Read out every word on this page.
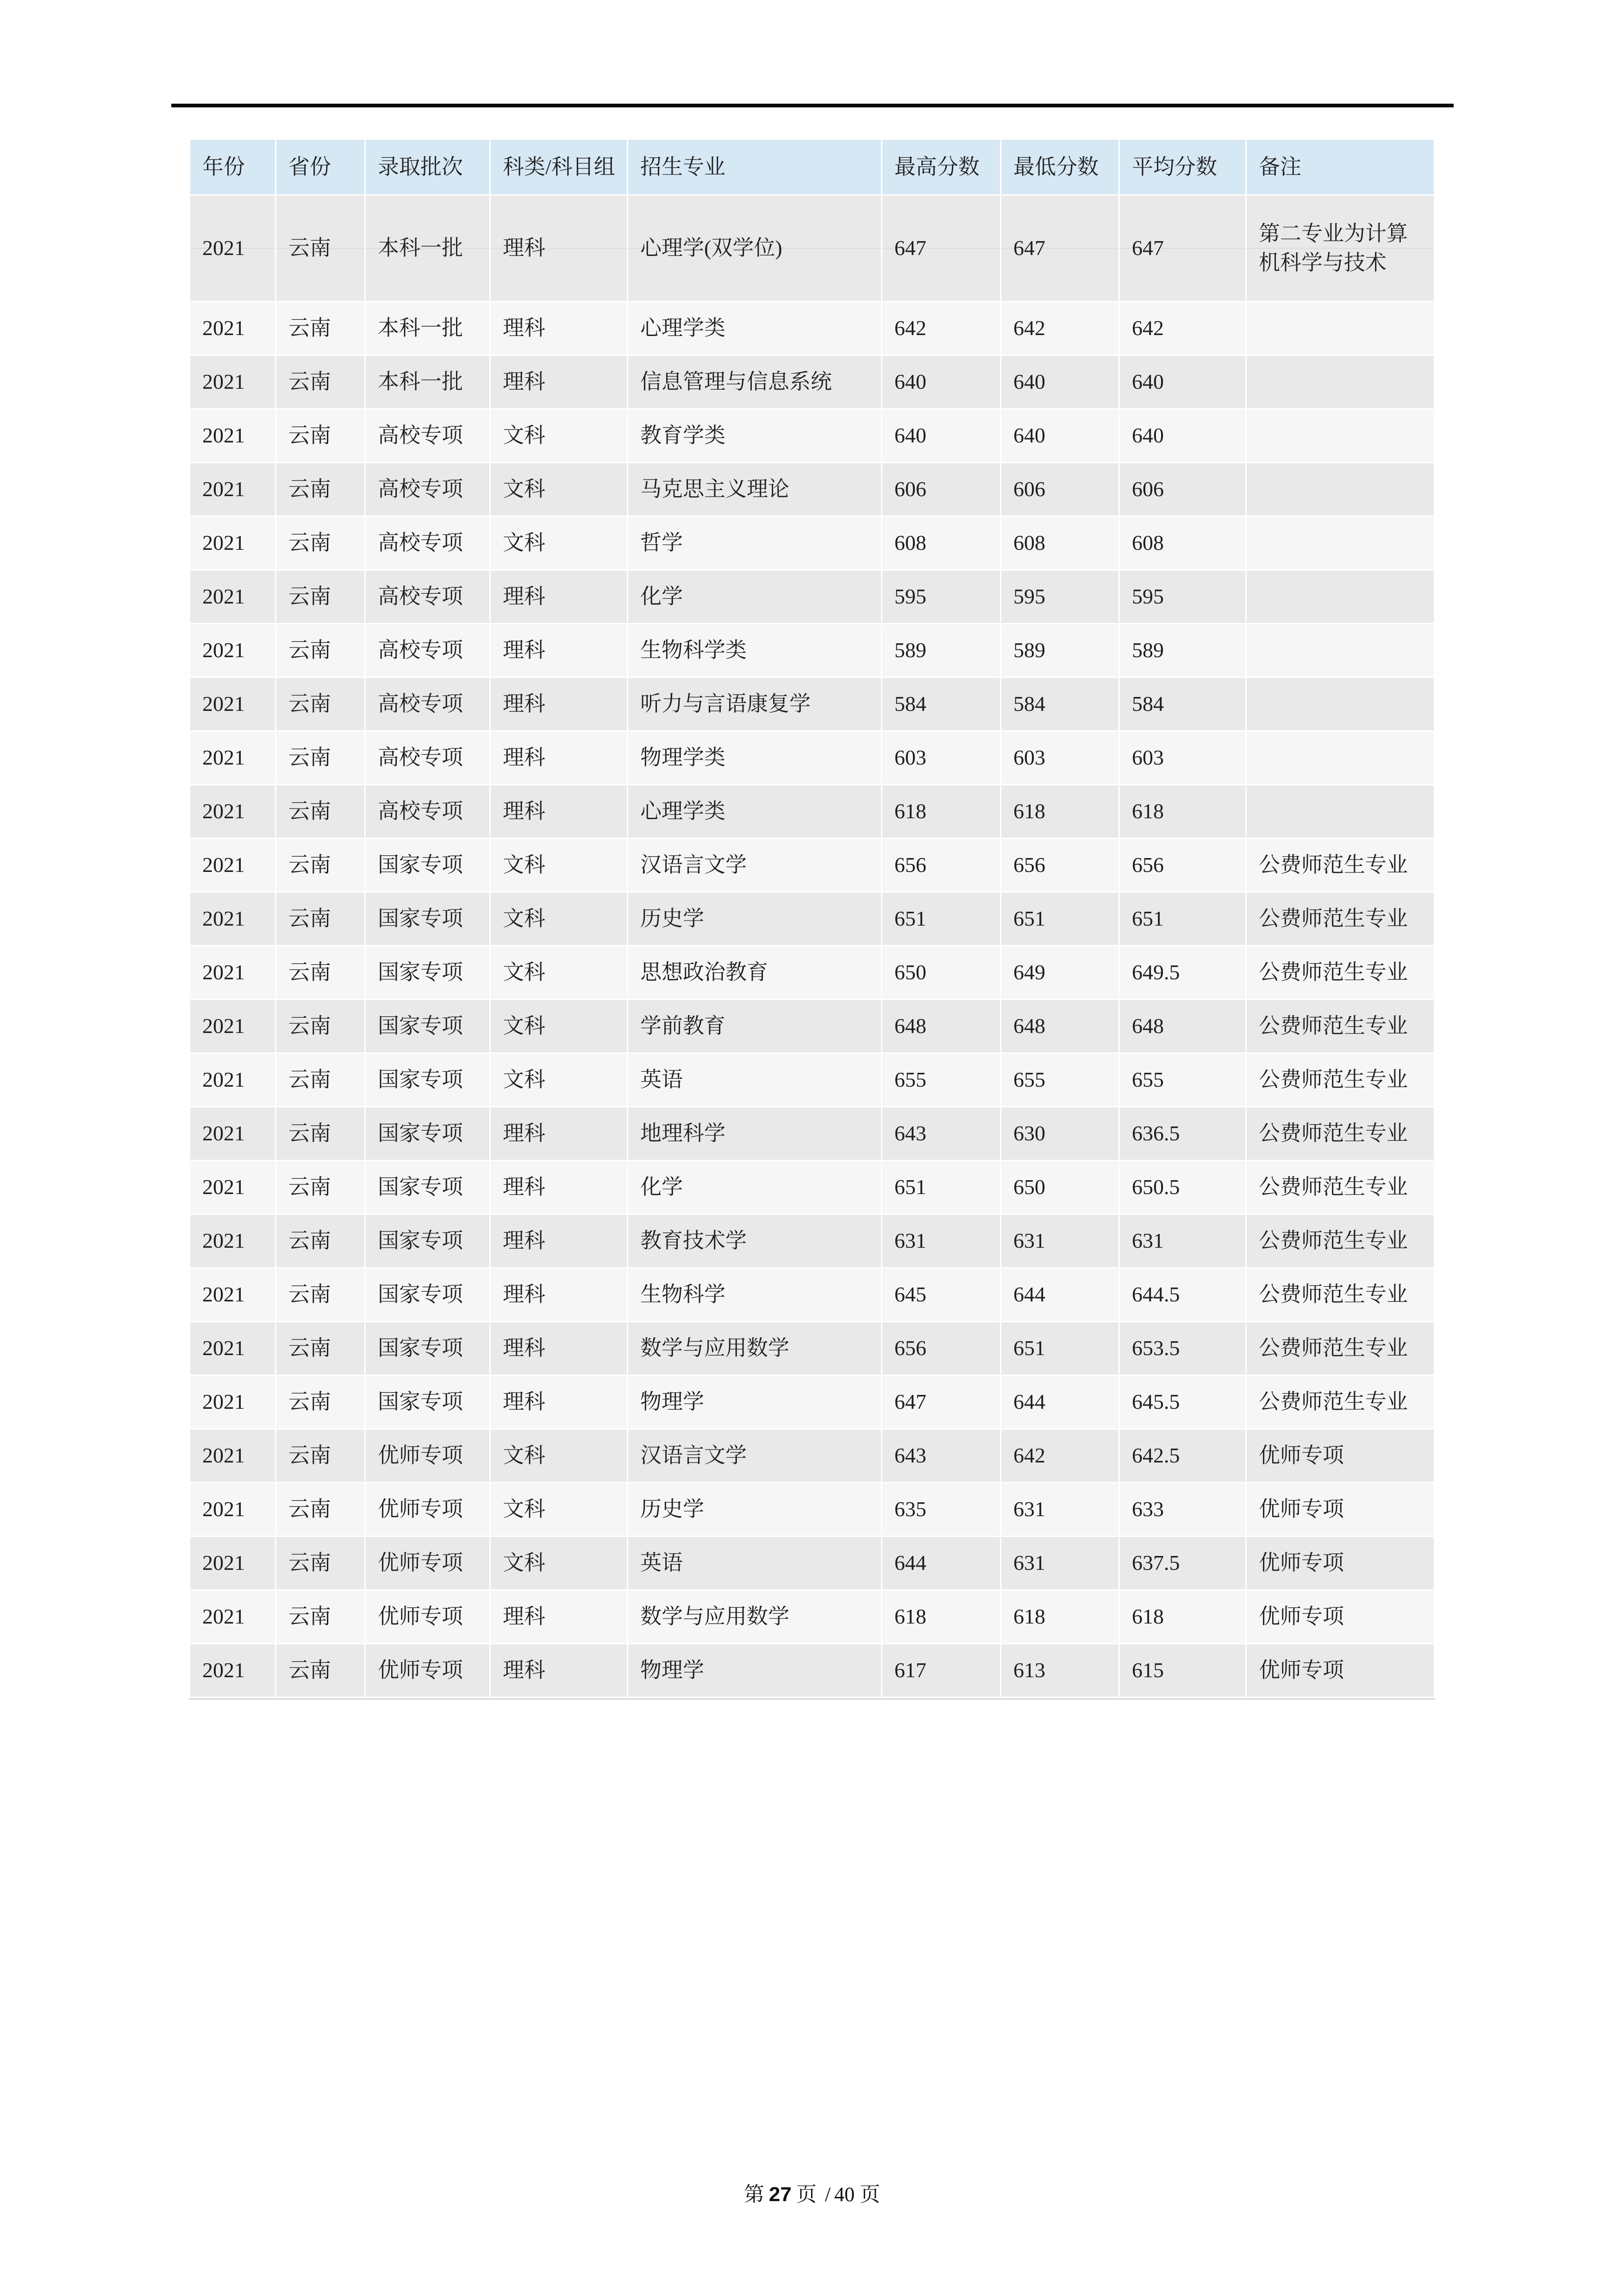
年份	省份	录取批次	科类/科目组	招生专业	最高分数	最低分数	平均分数	备注
2021	云南	本科一批	理科	心理学(双学位)	647	647	647	第二专业为计算机科学与技术
2021	云南	本科一批	理科	心理学类	642	642	642	
2021	云南	本科一批	理科	信息管理与信息系统	640	640	640	
2021	云南	高校专项	文科	教育学类	640	640	640	
2021	云南	高校专项	文科	马克思主义理论	606	606	606	
2021	云南	高校专项	文科	哲学	608	608	608	
2021	云南	高校专项	理科	化学	595	595	595	
2021	云南	高校专项	理科	生物科学类	589	589	589	
2021	云南	高校专项	理科	听力与言语康复学	584	584	584	
2021	云南	高校专项	理科	物理学类	603	603	603	
2021	云南	高校专项	理科	心理学类	618	618	618	
2021	云南	国家专项	文科	汉语言文学	656	656	656	公费师范生专业
2021	云南	国家专项	文科	历史学	651	651	651	公费师范生专业
2021	云南	国家专项	文科	思想政治教育	650	649	649.5	公费师范生专业
2021	云南	国家专项	文科	学前教育	648	648	648	公费师范生专业
2021	云南	国家专项	文科	英语	655	655	655	公费师范生专业
2021	云南	国家专项	理科	地理科学	643	630	636.5	公费师范生专业
2021	云南	国家专项	理科	化学	651	650	650.5	公费师范生专业
2021	云南	国家专项	理科	教育技术学	631	631	631	公费师范生专业
2021	云南	国家专项	理科	生物科学	645	644	644.5	公费师范生专业
2021	云南	国家专项	理科	数学与应用数学	656	651	653.5	公费师范生专业
2021	云南	国家专项	理科	物理学	647	644	645.5	公费师范生专业
2021	云南	优师专项	文科	汉语言文学	643	642	642.5	优师专项
2021	云南	优师专项	文科	历史学	635	631	633	优师专项
2021	云南	优师专项	文科	英语	644	631	637.5	优师专项
2021	云南	优师专项	理科	数学与应用数学	618	618	618	优师专项
2021	云南	优师专项	理科	物理学	617	613	615	优师专项
第 27 页 / 40 页
